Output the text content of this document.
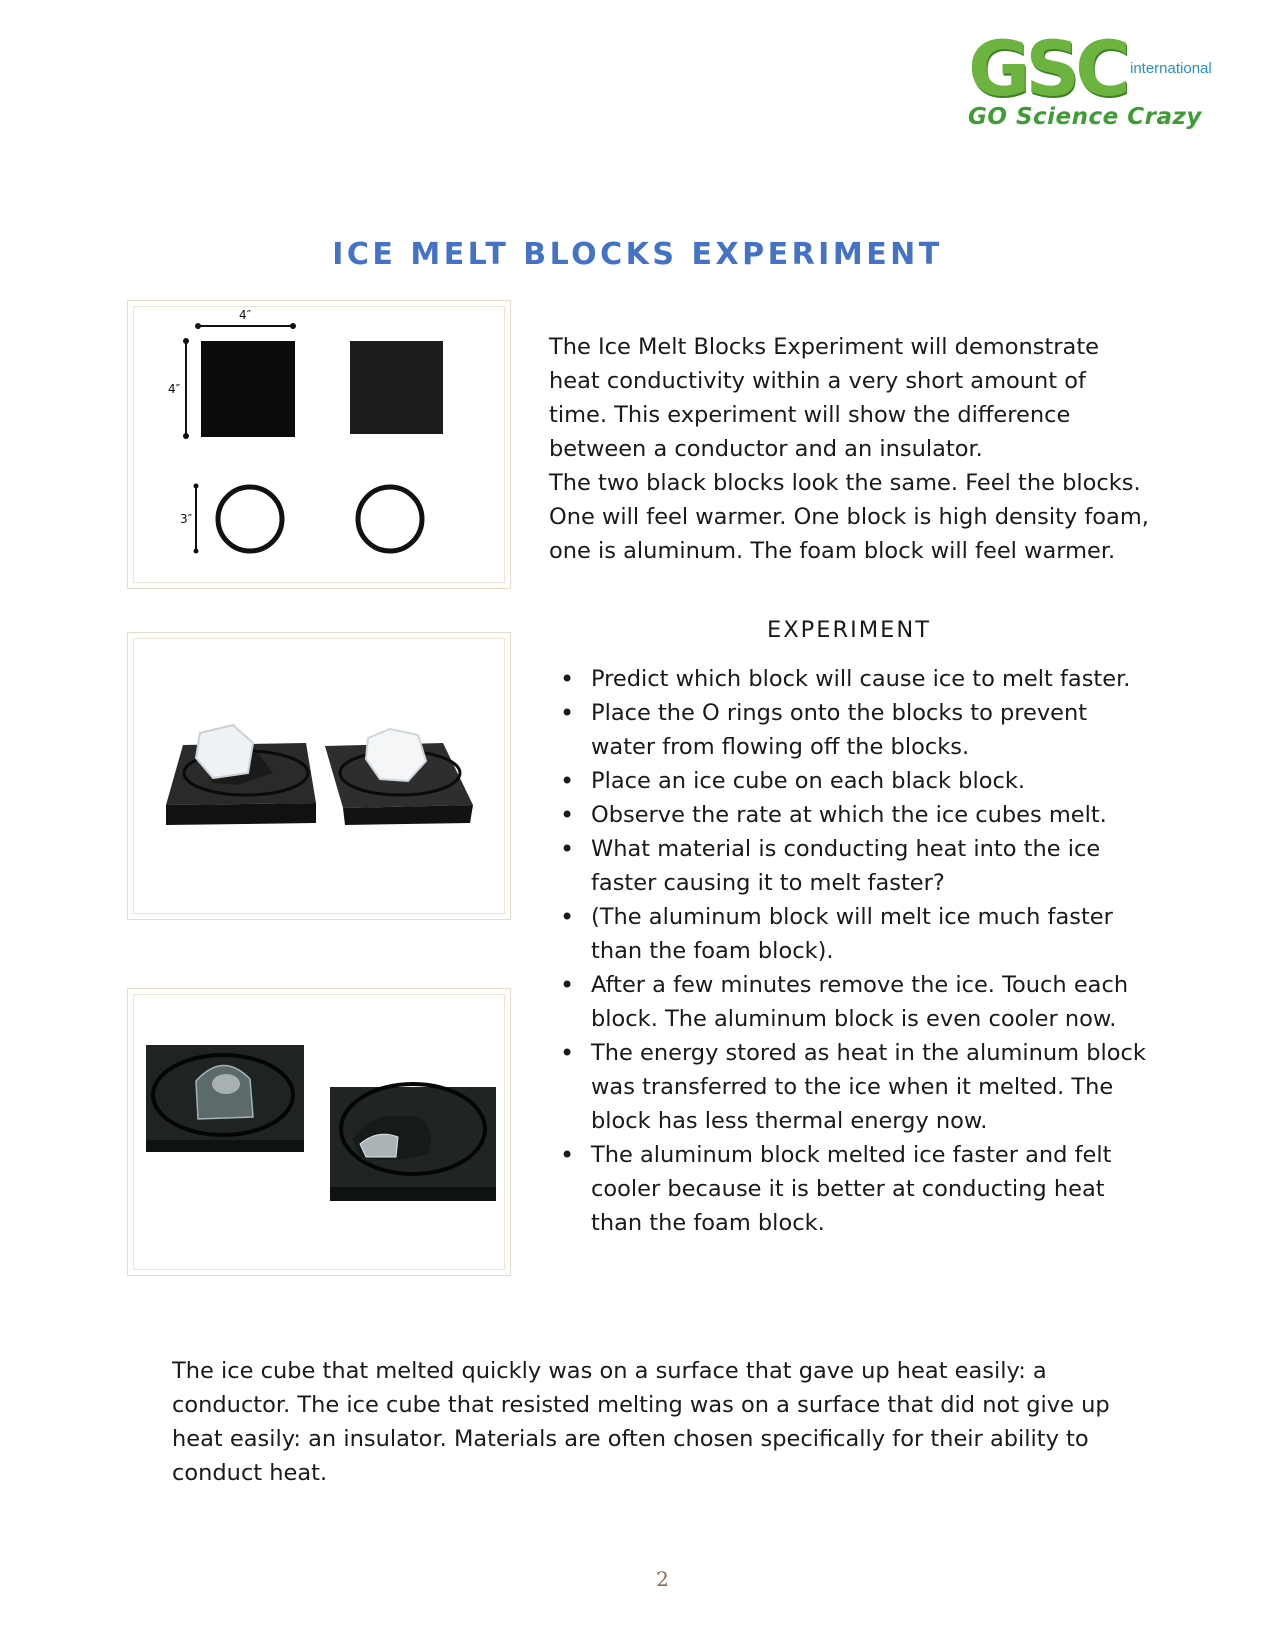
GSC international
GO Science Crazy
ICE MELT BLOCKS EXPERIMENT
4″
4″
3″

The Ice Melt Blocks Experiment will demonstrate heat conductivity within a very short amount of time. This experiment will show the difference between a conductor and an insulator.

The two black blocks look the same. Feel the blocks. One will feel warmer. One block is high density foam, one is aluminum. The foam block will feel warmer.

EXPERIMENT
• Predict which block will cause ice to melt faster.
• Place the O rings onto the blocks to prevent water from flowing off the blocks.
• Place an ice cube on each black block.
• Observe the rate at which the ice cubes melt.
• What material is conducting heat into the ice faster causing it to melt faster?
• (The aluminum block will melt ice much faster than the foam block).
• After a few minutes remove the ice. Touch each block. The aluminum block is even cooler now.
• The energy stored as heat in the aluminum block was transferred to the ice when it melted. The block has less thermal energy now.
• The aluminum block melted ice faster and felt cooler because it is better at conducting heat than the foam block.

The ice cube that melted quickly was on a surface that gave up heat easily: a conductor. The ice cube that resisted melting was on a surface that did not give up heat easily: an insulator. Materials are often chosen specifically for their ability to conduct heat.

2
